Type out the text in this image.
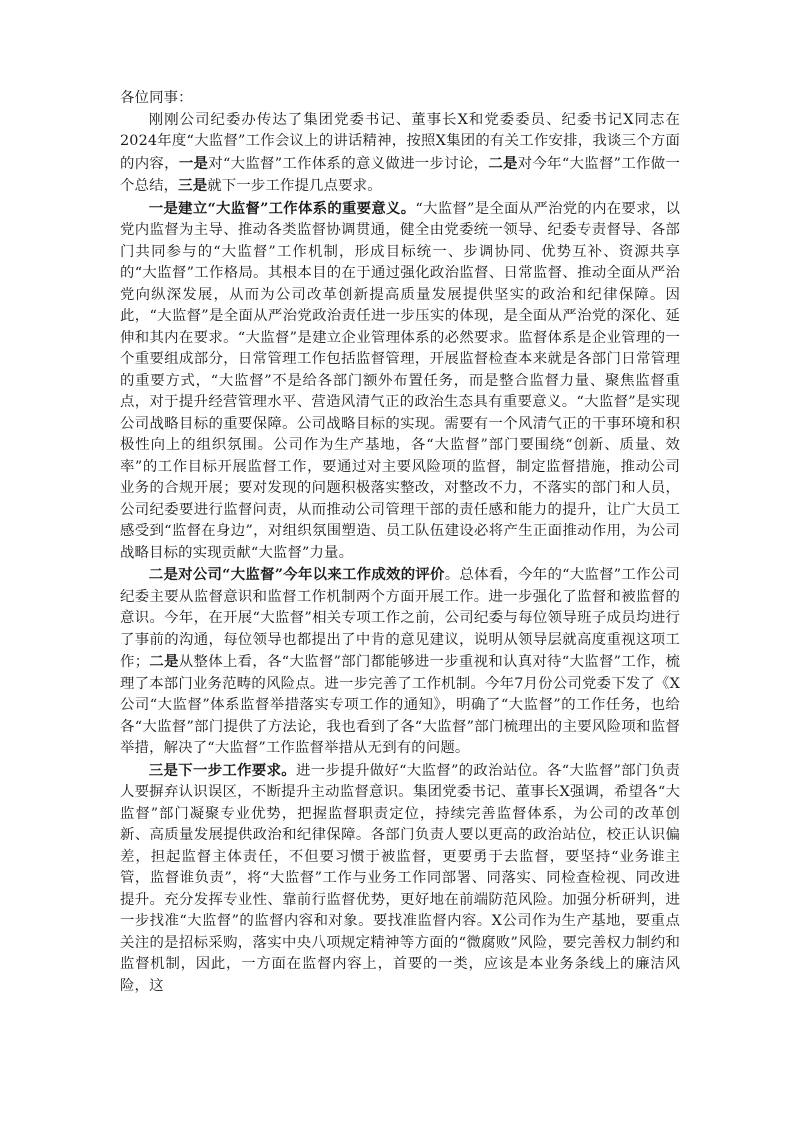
各位同事：

刚刚公司纪委办传达了集团党委书记、董事长X和党委委员、纪委书记X同志在2024年度“大监督”工作会议上的讲话精神，按照X集团的有关工作安排，我谈三个方面的内容，一是对“大监督”工作体系的意义做进一步讨论，二是对今年“大监督”工作做一个总结，三是就下一步工作提几点要求。

一是建立“大监督”工作体系的重要意义。“大监督”是全面从严治党的内在要求，以党内监督为主导、推动各类监督协调贯通，健全由党委统一领导、纪委专责督导、各部门共同参与的“大监督”工作机制，形成目标统一、步调协同、优势互补、资源共享的“大监督”工作格局。其根本目的在于通过强化政治监督、日常监督、推动全面从严治党向纵深发展，从而为公司改革创新提高质量发展提供坚实的政治和纪律保障。因此，“大监督”是全面从严治党政治责任进一步压实的体现，是全面从严治党的深化、延伸和其内在要求。“大监督”是建立企业管理体系的必然要求。监督体系是企业管理的一个重要组成部分，日常管理工作包括监督管理，开展监督检查本来就是各部门日常管理的重要方式，“大监督”不是给各部门额外布置任务，而是整合监督力量、聚焦监督重点，对于提升经营管理水平、营造风清气正的政治生态具有重要意义。“大监督”是实现公司战略目标的重要保障。公司战略目标的实现。需要有一个风清气正的干事环境和积极性向上的组织氛围。公司作为生产基地，各“大监督”部门要围绕“创新、质量、效率”的工作目标开展监督工作，要通过对主要风险项的监督，制定监督措施，推动公司业务的合规开展；要对发现的问题积极落实整改，对整改不力，不落实的部门和人员，公司纪委要进行监督问责，从而推动公司管理干部的责任感和能力的提升，让广大员工感受到“监督在身边”，对组织氛围塑造、员工队伍建设必将产生正面推动作用，为公司战略目标的实现贡献“大监督”力量。

二是对公司“大监督”今年以来工作成效的评价。总体看，今年的“大监督”工作公司纪委主要从监督意识和监督工作机制两个方面开展工作。进一步强化了监督和被监督的意识。今年，在开展“大监督”相关专项工作之前，公司纪委与每位领导班子成员均进行了事前的沟通，每位领导也都提出了中肯的意见建议，说明从领导层就高度重视这项工作；二是从整体上看，各“大监督”部门都能够进一步重视和认真对待“大监督”工作，梳理了本部门业务范畴的风险点。进一步完善了工作机制。今年7月份公司党委下发了《X公司“大监督”体系监督举措落实专项工作的通知》，明确了“大监督”的工作任务，也给各“大监督”部门提供了方法论，我也看到了各“大监督”部门梳理出的主要风险项和监督举措，解决了“大监督”工作监督举措从无到有的问题。

三是下一步工作要求。进一步提升做好“大监督”的政治站位。各“大监督”部门负责人要摒弃认识误区，不断提升主动监督意识。集团党委书记、董事长X强调，希望各“大监督”部门凝聚专业优势，把握监督职责定位，持续完善监督体系，为公司的改革创新、高质量发展提供政治和纪律保障。各部门负责人要以更高的政治站位，校正认识偏差，担起监督主体责任，不但要习惯于被监督，更要勇于去监督，要坚持“业务谁主管，监督谁负责”，将“大监督”工作与业务工作同部署、同落实、同检查检视、同改进提升。充分发挥专业性、靠前行监督优势，更好地在前端防范风险。加强分析研判，进一步找准“大监督”的监督内容和对象。要找准监督内容。X公司作为生产基地，要重点关注的是招标采购，落实中央八项规定精神等方面的“微腐败”风险，要完善权力制约和监督机制，因此，一方面在监督内容上，首要的一类，应该是本业务条线上的廉洁风险，这
